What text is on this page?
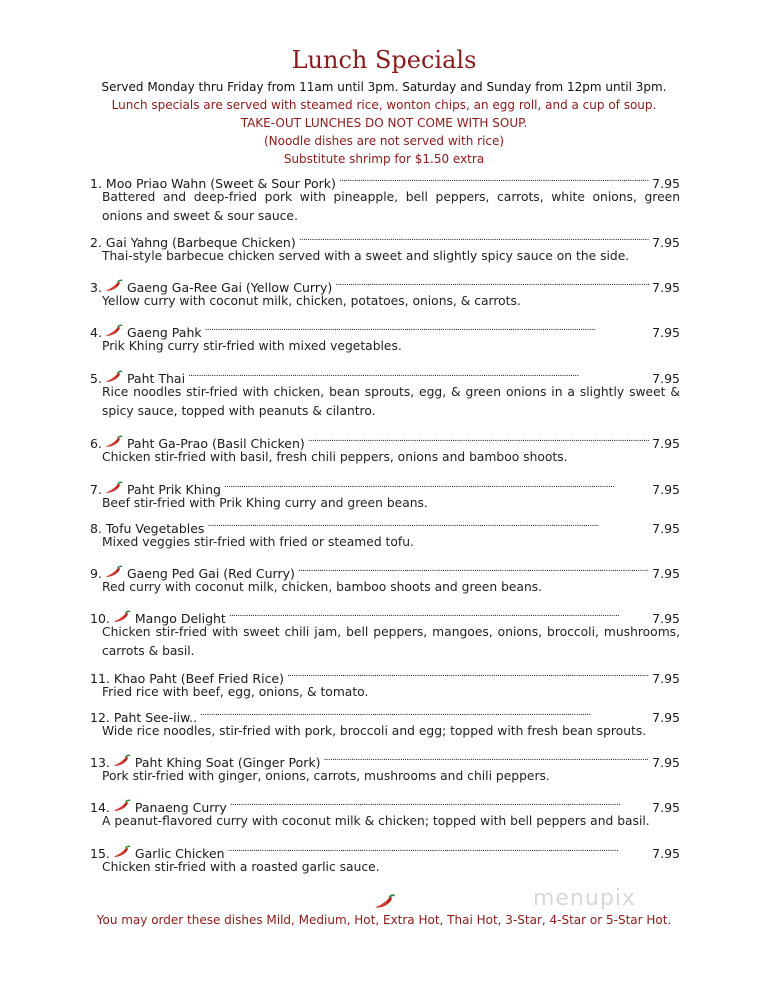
Lunch Specials
Served Monday thru Friday from 11am until 3pm. Saturday and Sunday from 12pm until 3pm.
Lunch specials are served with steamed rice, wonton chips, an egg roll, and a cup of soup.
TAKE-OUT LUNCHES DO NOT COME WITH SOUP.
(Noodle dishes are not served with rice)
Substitute shrimp for $1.50 extra
1.
Moo Priao Wahn (Sweet & Sour Pork) . . .	7.95
Battered and deep-fried pork with pineapple, bell peppers, carrots, white onions, green onions and sweet & sour sauce.
2.
Gai Yahng (Barbeque Chicken) . . .	7.95
Thai-style barbecue chicken served with a sweet and slightly spicy sauce on the side.
3. Gaeng Ga-Ree Gai (Yellow Curry) . . .	7.95
Yellow curry with coconut milk, chicken, potatoes, onions, & carrots.
4. Gaeng Pahk . . .	7.95
Prik Khing curry stir-fried with mixed vegetables.
5. Paht Thai . . .	7.95
Rice noodles stir-fried with chicken, bean sprouts, egg, & green onions in a slightly sweet & spicy sauce, topped with peanuts & cilantro.
6. Paht Ga-Prao (Basil Chicken) . . .	7.95
Chicken stir-fried with basil, fresh chili peppers, onions and bamboo shoots.
7. Paht Prik Khing . . .	7.95
Beef stir-fried with Prik Khing curry and green beans.
8.
Tofu Vegetables . . .	7.95
Mixed veggies stir-fried with fried or steamed tofu.
9. Gaeng Ped Gai (Red Curry) . . .	7.95
Red curry with coconut milk, chicken, bamboo shoots and green beans.
10. Mango Delight . . .	7.95
Chicken stir-fried with sweet chili jam, bell peppers, mangoes, onions, broccoli, mushrooms, carrots & basil.
11.
Khao Paht (Beef Fried Rice) . . .	7.95
Fried rice with beef, egg, onions, & tomato.
12.
Paht See-iiw.. . . .	7.95
Wide rice noodles, stir-fried with pork, broccoli and egg; topped with fresh bean sprouts.
13. Paht Khing Soat (Ginger Pork) . . .	7.95
Pork stir-fried with ginger, onions, carrots, mushrooms and chili peppers.
14. Panaeng Curry . . .	7.95
A peanut-flavored curry with coconut milk & chicken; topped with bell peppers and basil.
15. Garlic Chicken . . .	7.95
Chicken stir-fried with a roasted garlic sauce.
menupix
You may order these dishes Mild, Medium, Hot, Extra Hot, Thai Hot, 3-Star, 4-Star or 5-Star Hot.
